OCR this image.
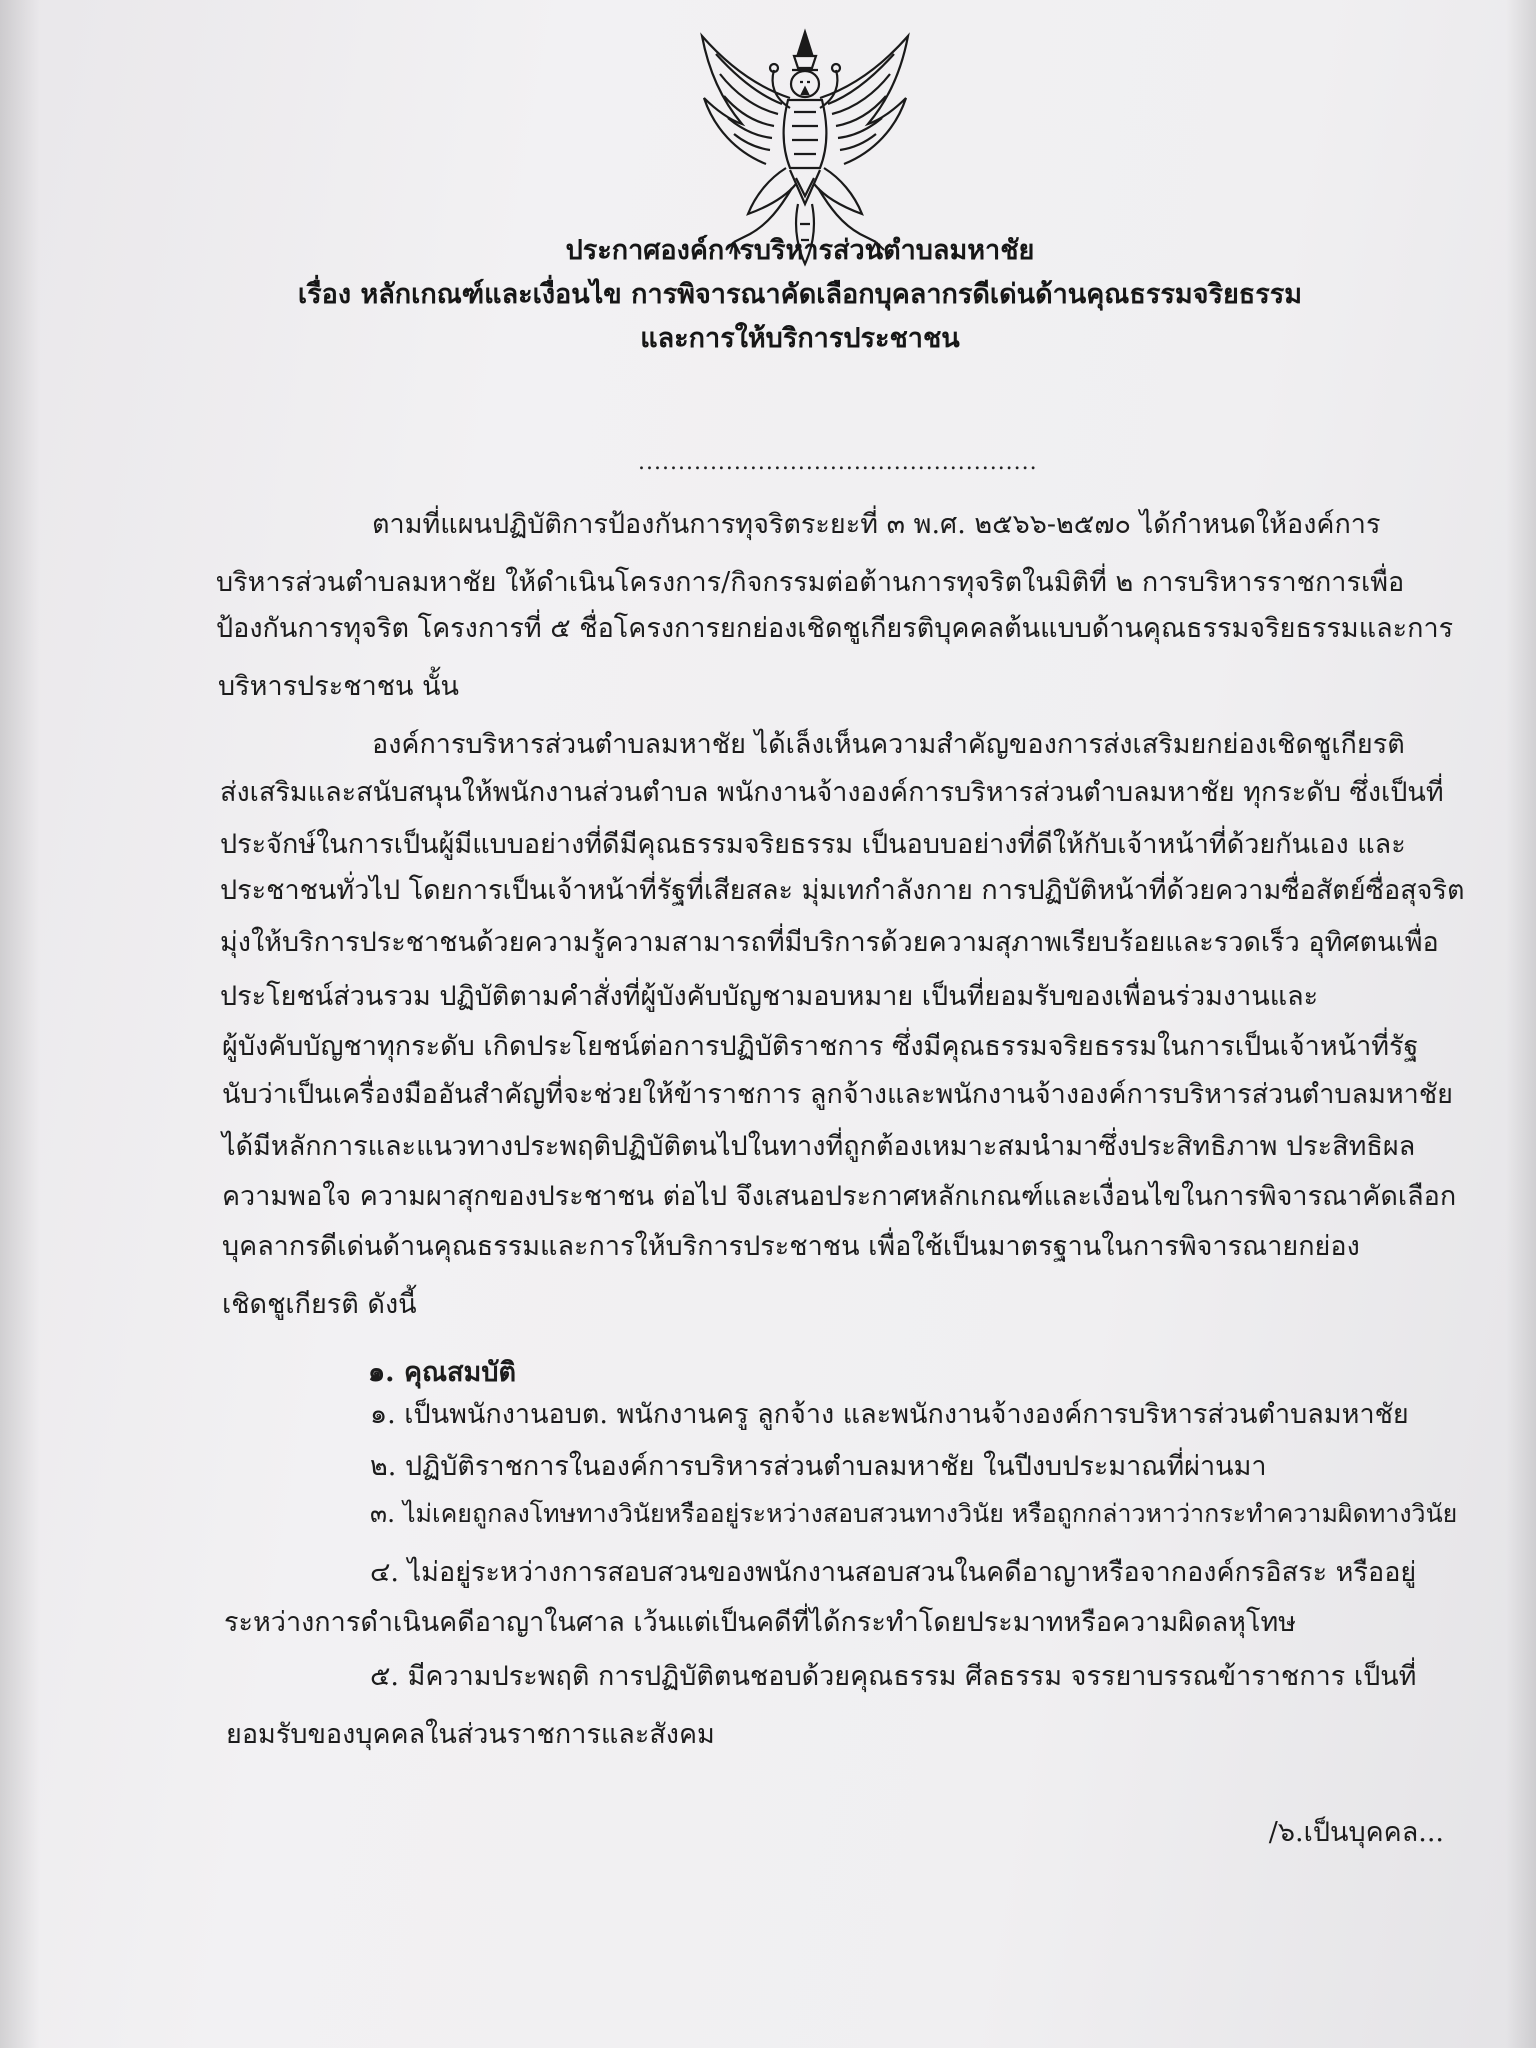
ประกาศองค์การบริหารส่วนตำบลมหาชัย
เรื่อง หลักเกณฑ์และเงื่อนไข การพิจารณาคัดเลือกบุคลากรดีเด่นด้านคุณธรรมจริยธรรม
และการให้บริการประชาชน
..................................................
ตามที่แผนปฏิบัติการป้องกันการทุจริตระยะที่ ๓ พ.ศ. ๒๕๖๖-๒๕๗๐ ได้กำหนดให้องค์การ
บริหารส่วนตำบลมหาชัย ให้ดำเนินโครงการ/กิจกรรมต่อต้านการทุจริตในมิติที่ ๒ การบริหารราชการเพื่อ
ป้องกันการทุจริต โครงการที่ ๕ ชื่อโครงการยกย่องเชิดชูเกียรติบุคคลต้นแบบด้านคุณธรรมจริยธรรมและการ
บริหารประชาชน นั้น
องค์การบริหารส่วนตำบลมหาชัย ได้เล็งเห็นความสำคัญของการส่งเสริมยกย่องเชิดชูเกียรติ
ส่งเสริมและสนับสนุนให้พนักงานส่วนตำบล พนักงานจ้างองค์การบริหารส่วนตำบลมหาชัย ทุกระดับ ซึ่งเป็นที่
ประจักษ์ในการเป็นผู้มีแบบอย่างที่ดีมีคุณธรรมจริยธรรม เป็นอบบอย่างที่ดีให้กับเจ้าหน้าที่ด้วยกันเอง และ
ประชาชนทั่วไป โดยการเป็นเจ้าหน้าที่รัฐที่เสียสละ มุ่มเทกำลังกาย การปฏิบัติหน้าที่ด้วยความซื่อสัตย์ซื่อสุจริต
มุ่งให้บริการประชาชนด้วยความรู้ความสามารถที่มีบริการด้วยความสุภาพเรียบร้อยและรวดเร็ว อุทิศตนเพื่อ
ประโยชน์ส่วนรวม ปฏิบัติตามคำสั่งที่ผู้บังคับบัญชามอบหมาย เป็นที่ยอมรับของเพื่อนร่วมงานและ
ผู้บังคับบัญชาทุกระดับ เกิดประโยชน์ต่อการปฏิบัติราชการ ซึ่งมีคุณธรรมจริยธรรมในการเป็นเจ้าหน้าที่รัฐ
นับว่าเป็นเครื่องมืออันสำคัญที่จะช่วยให้ข้าราชการ ลูกจ้างและพนักงานจ้างองค์การบริหารส่วนตำบลมหาชัย
ได้มีหลักการและแนวทางประพฤติปฏิบัติตนไปในทางที่ถูกต้องเหมาะสมนำมาซึ่งประสิทธิภาพ ประสิทธิผล
ความพอใจ ความผาสุกของประชาชน ต่อไป จึงเสนอประกาศหลักเกณฑ์และเงื่อนไขในการพิจารณาคัดเลือก
บุคลากรดีเด่นด้านคุณธรรมและการให้บริการประชาชน เพื่อใช้เป็นมาตรฐานในการพิจารณายกย่อง
เชิดชูเกียรติ ดังนี้
๑. คุณสมบัติ
๑. เป็นพนักงานอบต. พนักงานครู ลูกจ้าง และพนักงานจ้างองค์การบริหารส่วนตำบลมหาชัย
๒. ปฏิบัติราชการในองค์การบริหารส่วนตำบลมหาชัย ในปีงบประมาณที่ผ่านมา
๓. ไม่เคยถูกลงโทษทางวินัยหรืออยู่ระหว่างสอบสวนทางวินัย หรือถูกกล่าวหาว่ากระทำความผิดทางวินัย
๔. ไม่อยู่ระหว่างการสอบสวนของพนักงานสอบสวนในคดีอาญาหรือจากองค์กรอิสระ หรืออยู่
ระหว่างการดำเนินคดีอาญาในศาล เว้นแต่เป็นคดีที่ได้กระทำโดยประมาทหรือความผิดลหุโทษ
๕. มีความประพฤติ การปฏิบัติตนชอบด้วยคุณธรรม ศีลธรรม จรรยาบรรณข้าราชการ เป็นที่
ยอมรับของบุคคลในส่วนราชการและสังคม
/๖.เป็นบุคคล...
